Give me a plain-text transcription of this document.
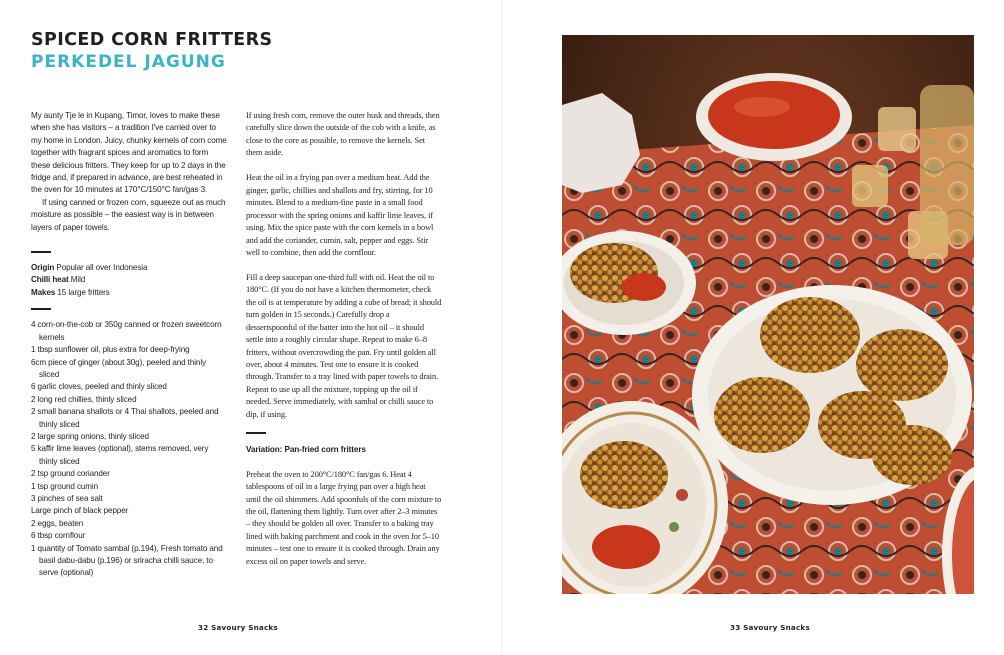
SPICED CORN FRITTERS
PERKEDEL JAGUNG

My aunty Tje le in Kupang, Timor, loves to make these when she has visitors – a tradition I've carried over to my home in London. Juicy, chunky kernels of corn come together with fragrant spices and aromatics to form these delicious fritters. They keep for up to 2 days in the fridge and, if prepared in advance, are best reheated in the oven for 10 minutes at 170°C/150°C fan/gas 3.

If using canned or frozen corn, squeeze out as much moisture as possible – the easiest way is in between layers of paper towels.

Origin Popular all over Indonesia

Chilli heat Mild

Makes 15 large fritters

4 corn-on-the-cob or 350g canned or frozen sweetcorn kernels
1 tbsp sunflower oil, plus extra for deep-frying
6cm piece of ginger (about 30g), peeled and thinly sliced
6 garlic cloves, peeled and thinly sliced
2 long red chillies, thinly sliced
2 small banana shallots or 4 Thai shallots, peeled and thinly sliced
2 large spring onions, thinly sliced
5 kaffir lime leaves (optional), stems removed, very thinly sliced
2 tsp ground coriander
1 tsp ground cumin
3 pinches of sea salt
Large pinch of black pepper
2 eggs, beaten
6 tbsp cornflour
1 quantity of Tomato sambal (p.194), Fresh tomato and basil dabu-dabu (p.196) or sriracha chilli sauce, to serve (optional)

If using fresh corn, remove the outer husk and threads, then carefully slice down the outside of the cob with a knife, as close to the core as possible, to remove the kernels. Set them aside.

Heat the oil in a frying pan over a medium heat. Add the ginger, garlic, chillies and shallots and fry, stirring, for 10 minutes. Blend to a medium-fine paste in a small food processor with the spring onions and kaffir lime leaves, if using. Mix the spice paste with the corn kernels in a bowl and add the coriander, cumin, salt, pepper and eggs. Stir well to combine, then add the cornflour.

Fill a deep saucepan one-third full with oil. Heat the oil to 180°C. (If you do not have a kitchen thermometer, check the oil is at temperature by adding a cube of bread; it should turn golden in 15 seconds.) Carefully drop a dessertspoonful of the batter into the hot oil – it should settle into a roughly circular shape. Repeat to make 6–8 fritters, without overcrowding the pan. Fry until golden all over, about 4 minutes. Test one to ensure it is cooked through. Transfer to a tray lined with paper towels to drain. Repeat to use up all the mixture, topping up the oil if needed. Serve immediately, with sambal or chilli sauce to dip, if using.

Variation: Pan-fried corn fritters

Preheat the oven to 200°C/180°C fan/gas 6. Heat 4 tablespoons of oil in a large frying pan over a high heat until the oil shimmers. Add spoonfuls of the corn mixture to the oil, flattening them lightly. Turn over after 2–3 minutes – they should be golden all over. Transfer to a baking tray lined with baking parchment and cook in the oven for 5–10 minutes – test one to ensure it is cooked through. Drain any excess oil on paper towels and serve.

32 Savoury Snacks	33 Savoury Snacks
